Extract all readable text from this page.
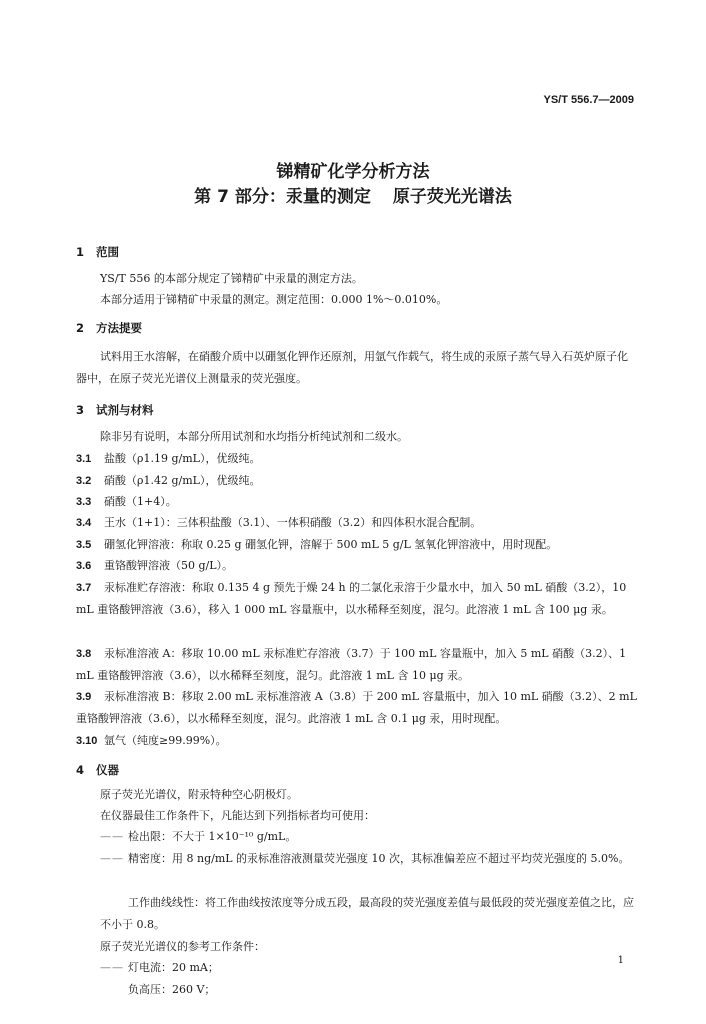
YS/T 556.7—2009
锑精矿化学分析方法
第 7 部分：汞量的测定 原子荧光光谱法
1 范围
YS/T 556 的本部分规定了锑精矿中汞量的测定方法。
本部分适用于锑精矿中汞量的测定。测定范围：0.000 1%～0.010%。
2 方法提要
试料用王水溶解，在硝酸介质中以硼氢化钾作还原剂，用氩气作载气，将生成的汞原子蒸气导入石英炉原子化器中，在原子荧光光谱仪上测量汞的荧光强度。
3 试剂与材料
除非另有说明，本部分所用试剂和水均指分析纯试剂和二级水。
3.1 盐酸（ρ1.19 g/mL），优级纯。
3.2 硝酸（ρ1.42 g/mL），优级纯。
3.3 硝酸（1+4）。
3.4 王水（1+1）：三体积盐酸（3.1）、一体积硝酸（3.2）和四体积水混合配制。
3.5 硼氢化钾溶液：称取 0.25 g 硼氢化钾，溶解于 500 mL 5 g/L 氢氧化钾溶液中，用时现配。
3.6 重铬酸钾溶液（50 g/L）。
3.7 汞标准贮存溶液：称取 0.135 4 g 预先于燥 24 h 的二氯化汞溶于少量水中，加入 50 mL 硝酸（3.2），10 mL 重铬酸钾溶液（3.6），移入 1 000 mL 容量瓶中，以水稀释至刻度，混匀。此溶液 1 mL 含 100 μg 汞。
3.8 汞标准溶液 A：移取 10.00 mL 汞标准贮存溶液（3.7）于 100 mL 容量瓶中，加入 5 mL 硝酸（3.2）、1 mL 重铬酸钾溶液（3.6），以水稀释至刻度，混匀。此溶液 1 mL 含 10 μg 汞。
3.9 汞标准溶液 B：移取 2.00 mL 汞标准溶液 A（3.8）于 200 mL 容量瓶中，加入 10 mL 硝酸（3.2）、2 mL 重铬酸钾溶液（3.6），以水稀释至刻度，混匀。此溶液 1 mL 含 0.1 μg 汞，用时现配。
3.10 氩气（纯度≥99.99%）。
4 仪器
原子荧光光谱仪，附汞特种空心阴极灯。
在仪器最佳工作条件下，凡能达到下列指标者均可使用：
—— 检出限：不大于 1×10⁻¹⁰ g/mL。
—— 精密度：用 8 ng/mL 的汞标准溶液测量荧光强度 10 次，其标准偏差应不超过平均荧光强度的 5.0%。
工作曲线线性：将工作曲线按浓度等分成五段，最高段的荧光强度差值与最低段的荧光强度差值之比，应不小于 0.8。
原子荧光光谱仪的参考工作条件：
—— 灯电流：20 mA；
负高压：260 V；
1
